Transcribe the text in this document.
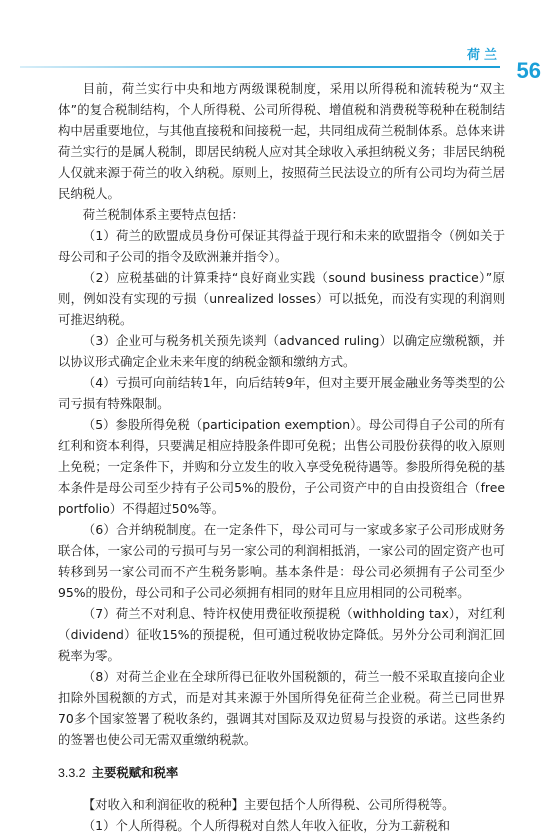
荷兰
56

目前，荷兰实行中央和地方两级课税制度，采用以所得税和流转税为“双主体”的复合税制结构，个人所得税、公司所得税、增值税和消费税等税种在税制结构中居重要地位，与其他直接税和间接税一起，共同组成荷兰税制体系。总体来讲荷兰实行的是属人税制，即居民纳税人应对其全球收入承担纳税义务；非居民纳税人仅就来源于荷兰的收入纳税。原则上，按照荷兰民法设立的所有公司均为荷兰居民纳税人。

荷兰税制体系主要特点包括：

（1）荷兰的欧盟成员身份可保证其得益于现行和未来的欧盟指令（例如关于母公司和子公司的指令及欧洲兼并指令）。

（2）应税基础的计算秉持“良好商业实践（sound business practice）”原则，例如没有实现的亏损（unrealized losses）可以抵免，而没有实现的利润则可推迟纳税。

（3）企业可与税务机关预先谈判（advanced ruling）以确定应缴税额，并以协议形式确定企业未来年度的纳税金额和缴纳方式。

（4）亏损可向前结转1年，向后结转9年，但对主要开展金融业务等类型的公司亏损有特殊限制。

（5）参股所得免税（participation exemption）。母公司得自子公司的所有红利和资本利得，只要满足相应持股条件即可免税；出售公司股份获得的收入原则上免税；一定条件下，并购和分立发生的收入享受免税待遇等。参股所得免税的基本条件是母公司至少持有子公司5%的股份，子公司资产中的自由投资组合（free portfolio）不得超过50%等。

（6）合并纳税制度。在一定条件下，母公司可与一家或多家子公司形成财务联合体，一家公司的亏损可与另一家公司的利润相抵消，一家公司的固定资产也可转移到另一家公司而不产生税务影响。基本条件是：母公司必须拥有子公司至少95%的股份，母公司和子公司必须拥有相同的财年且应用相同的公司税率。

（7）荷兰不对利息、特许权使用费征收预提税（withholding tax），对红利（dividend）征收15%的预提税，但可通过税收协定降低。另外分公司利润汇回税率为零。

（8）对荷兰企业在全球所得已征收外国税额的，荷兰一般不采取直接向企业扣除外国税额的方式，而是对其来源于外国所得免征荷兰企业税。荷兰已同世界70多个国家签署了税收条约，强调其对国际及双边贸易与投资的承诺。这些条约的签署也使公司无需双重缴纳税款。

3.3.2 主要税赋和税率

【对收入和利润征收的税种】主要包括个人所得税、公司所得税等。

（1）个人所得税。个人所得税对自然人年收入征收，分为工薪税和
